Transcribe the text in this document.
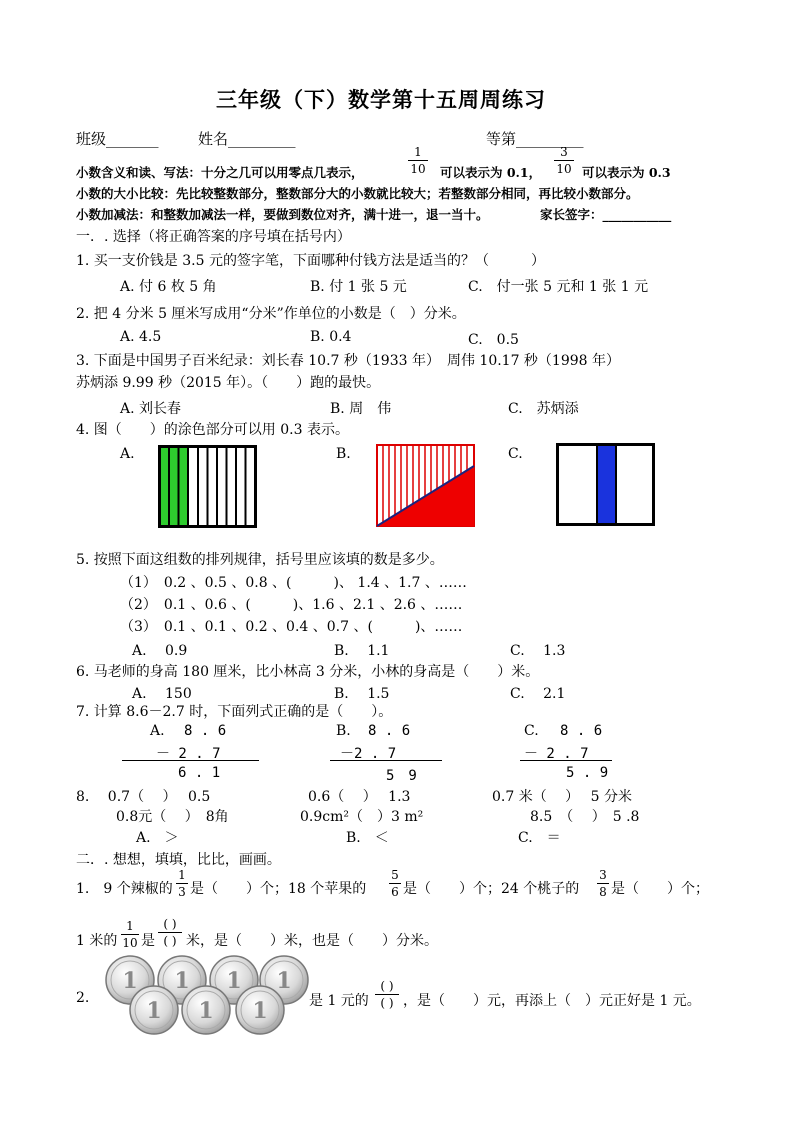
三年级（下）数学第十五周周练习
班级_______	姓名_________	等第_________
小数含义和读、写法：十分之几可以用零点几表示，
1
10 可以表示为 0.1，
3
10 可以表示为 0.3
小数的大小比较：先比较整数部分，整数部分大的小数就比较大；若整数部分相同，再比较小数部分。
小数加减法：和整数加减法一样，要做到数位对齐，满十进一，退一当十。	家长签字：___________
一．. 选择（将正确答案的序号填在括号内）
1. 买一支价钱是 3.5 元的签字笔，下面哪种付钱方法是适当的？（　　　）
A. 付 6 枚 5 角	B. 付 1 张 5 元	C.　付一张 5 元和 1 张 1 元
2. 把 4 分米 5 厘米写成用“分米”作单位的小数是（　）分米。
A. 4.5	B. 0.4	C.　0.5
3. 下面是中国男子百米纪录：刘长春 10.7 秒（1933 年）　周伟 10.17 秒（1998 年）
苏炳添 9.99 秒（2015 年）。（　　）跑的最快。
A. 刘长春	B. 周　伟	C.　苏炳添
4. 图（　　）的涂色部分可以用 0.3 表示。
A.	B.	C.
5. 按照下面这组数的排列规律，括号里应该填的数是多少。
（1）　0.2 、0.5 、0.8 、(　　　)、 1.4 、1.7 、……
（2）　0.1 、0.6 、(　　　)、1.6 、2.1 、2.6 、……
（3）　0.1 、0.1 、0.2 、0.4 、0.7 、(　　　)、……
A.　 0.9	B.　 1.1	C.　 1.3
6. 马老师的身高 180 厘米，比小林高 3 分米，小林的身高是（　　）米。
A.　 150	B.　 1.5	C.　 2.1
7. 计算 8.6－2.7 时，下面列式正确的是（　　）。
A. 8 . 6
－ 2 . 7
6 . 1
B. 8 . 6
－2 . 7
5　9
C. 8 . 6
－ 2 . 7
5 . 9
8.　 0.7（　 ）　 0.5	0.6（　 ）　 1.3	0.7 米（　 ）　 5 分米
0.8元（　 ）　8角	0.9cm²（　）3 m²	8.5　（　 ）　5 .8
A.　＞	B.　＜	C.　＝
二．. 想想，填填，比比，画画。
1.　9 个辣椒的
1
3 是（　　）个；18 个苹果的
5
6 是（　　）个；24 个桃子的
3
8 是（　　）个；
1 米的
1
10 是
( )
( ) 米，是（　　）米，也是（　　）分米。
2.
1 1 1 1
1 1 1	是 1 元的
( )
( ) ，是（　　）元，再添上（　）元正好是 1 元。
